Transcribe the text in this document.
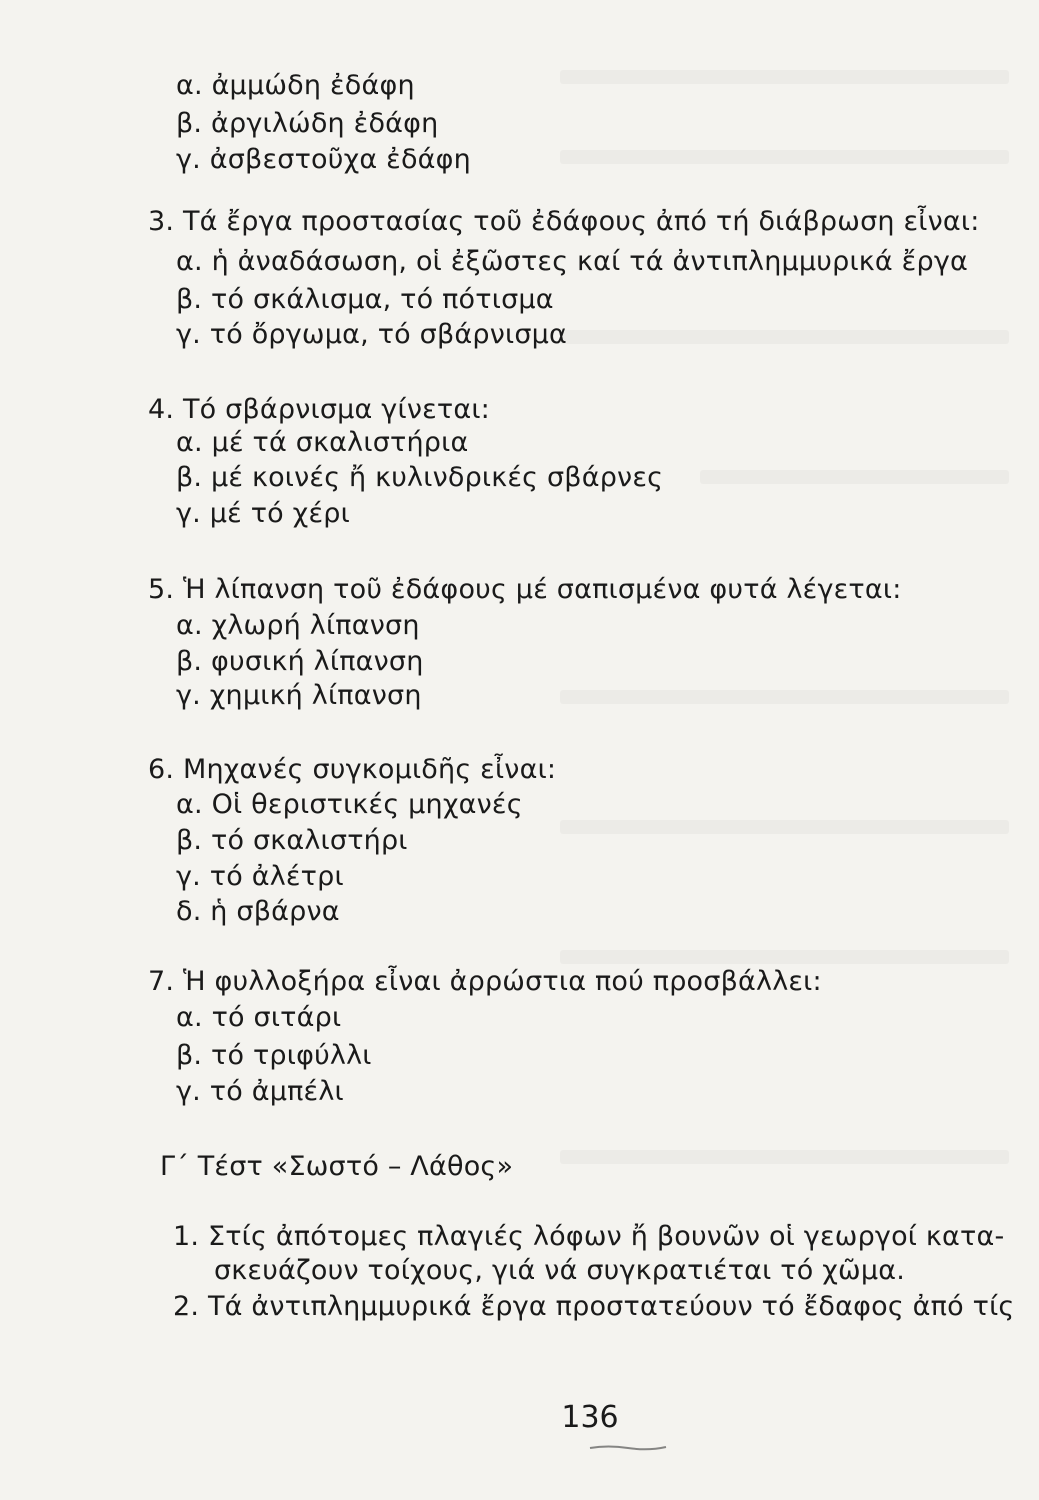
α. ἀμμώδη ἐδάφη
β. ἀργιλώδη ἐδάφη
γ. ἀσβεστοῦχα ἐδάφη
3. Τά ἔργα προστασίας τοῦ ἐδάφους ἀπό τή διάβρωση εἶναι:
α. ἡ ἀναδάσωση, οἱ ἐξῶστες καί τά ἀντιπλημμυρικά ἔργα
β. τό σκάλισμα, τό πότισμα
γ. τό ὄργωμα, τό σβάρνισμα
4. Τό σβάρνισμα γίνεται:
α. μέ τά σκαλιστήρια
β. μέ κοινές ἤ κυλινδρικές σβάρνες
γ. μέ τό χέρι
5. Ἡ λίπανση τοῦ ἐδάφους μέ σαπισμένα φυτά λέγεται:
α. χλωρή λίπανση
β. φυσική λίπανση
γ. χημική λίπανση
6. Μηχανές συγκομιδῆς εἶναι:
α. Οἱ θεριστικές μηχανές
β. τό σκαλιστήρι
γ. τό ἀλέτρι
δ. ἡ σβάρνα
7. Ἡ φυλλοξήρα εἶναι ἀρρώστια πού προσβάλλει:
α. τό σιτάρι
β. τό τριφύλλι
γ. τό ἀμπέλι
Γ΄ Τέστ «Σωστό – Λάθος»
1. Στίς ἀπότομες πλαγιές λόφων ἤ βουνῶν οἱ γεωργοί κατα-
σκευάζουν τοίχους, γιά νά συγκρατιέται τό χῶμα.
2. Τά ἀντιπλημμυρικά ἔργα προστατεύουν τό ἔδαφος ἀπό τίς
136
